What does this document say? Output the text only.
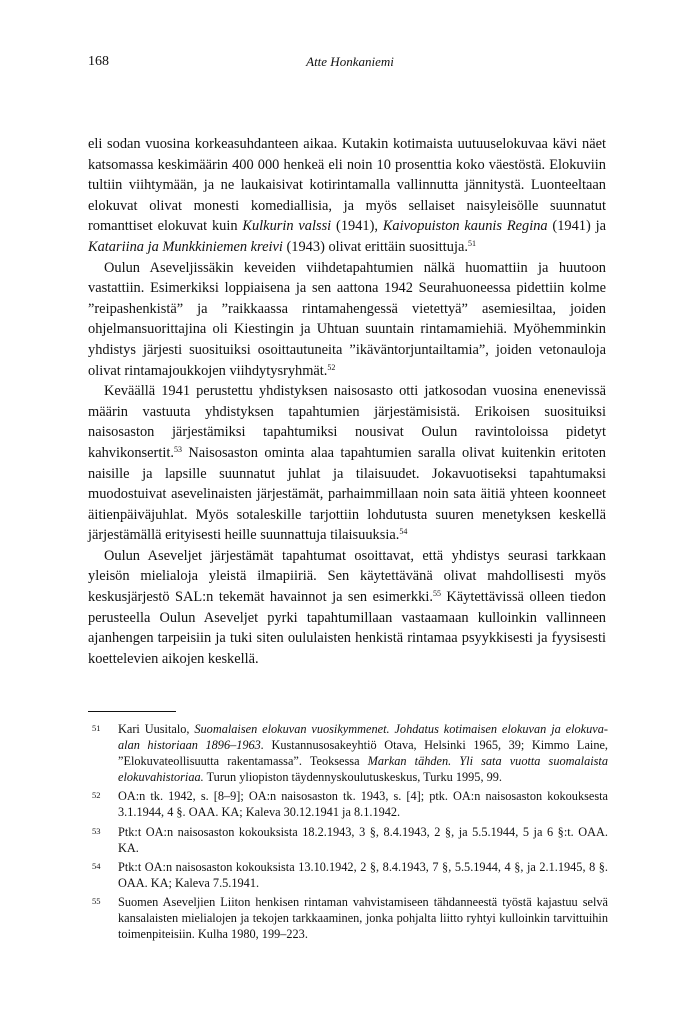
168	Atte Honkaniemi

eli sodan vuosina korkeasuhdanteen aikaa. Kutakin kotimaista uutuuselokuvaa kävi näet katsomassa keskimäärin 400 000 henkeä eli noin 10 prosenttia koko väestöstä. Elokuviin tultiin viihtymään, ja ne laukaisivat kotirintamalla vallinnutta jännitystä. Luonteeltaan elokuvat olivat monesti komediallisia, ja myös sellaiset naisyleisölle suunnatut romanttiset elokuvat kuin Kulkurin valssi (1941), Kaivopuiston kaunis Regina (1941) ja Katariina ja Munkkiniemen kreivi (1943) olivat erittäin suosittuja.$^{51}$

Oulun Aseveljissäkin keveiden viihdetapahtumien nälkä huomattiin ja huutoon vastattiin. Esimerkiksi loppiaisena ja sen aattona 1942 Seurahuoneessa pidettiin kolme ”reipashenkistä” ja ”raikkaassa rintamahengessä vietettyä” asemiesiltaa, joiden ohjelmansuorittajina oli Kiestingin ja Uhtuan suuntain rintamamiehiä. Myöhemminkin yhdistys järjesti suosituiksi osoittautuneita ”ikäväntorjuntailtamia”, joiden vetonauloja olivat rintamajoukkojen viihdytysryhmät.$^{52}$

Keväällä 1941 perustettu yhdistyksen naisosasto otti jatkosodan vuosina enenevissä määrin vastuuta yhdistyksen tapahtumien järjestämisistä. Erikoisen suosituiksi naisosaston järjestämiksi tapahtumiksi nousivat Oulun ravintoloissa pidetyt kahvikonsertit.$^{53}$ Naisosaston ominta alaa tapahtumien saralla olivat kuitenkin eritoten naisille ja lapsille suunnatut juhlat ja tilaisuudet. Jokavuotiseksi tapahtumaksi muodostuivat asevelinaisten järjestämät, parhaimmillaan noin sata äitiä yhteen koonneet äitienpäiväjuhlat. Myös sotaleskille tarjottiin lohdutusta suuren menetyksen keskellä järjestämällä erityisesti heille suunnattuja tilaisuuksia.$^{54}$

Oulun Aseveljet järjestämät tapahtumat osoittavat, että yhdistys seurasi tarkkaan yleisön mielialoja yleistä ilmapiiriä. Sen käytettävänä olivat mahdollisesti myös keskusjärjestö SAL:n tekemät havainnot ja sen esimerkki.$^{55}$ Käytettävissä olleen tiedon perusteella Oulun Aseveljet pyrki tapahtumillaan vastaamaan kulloinkin vallinneen ajanhengen tarpeisiin ja tuki siten oululaisten henkistä rintamaa psyykkisesti ja fyysisesti koettelevien aikojen keskellä.

51 Kari Uusitalo, Suomalaisen elokuvan vuosikymmenet. Johdatus kotimaisen elokuvan ja elokuva-alan historiaan 1896–1963. Kustannusosakeyhtiö Otava, Helsinki 1965, 39; Kimmo Laine, ”Elokuvateollisuutta rakentamassa”. Teoksessa Markan tähden. Yli sata vuotta suomalaista elokuvahistoriaa. Turun yliopiston täydennyskoulutuskeskus, Turku 1995, 99.
52 OA:n tk. 1942, s. [8–9]; OA:n naisosaston tk. 1943, s. [4]; ptk. OA:n naisosaston kokouksesta 3.1.1944, 4 §. OAA. KA; Kaleva 30.12.1941 ja 8.1.1942.
53 Ptk:t OA:n naisosaston kokouksista 18.2.1943, 3 §, 8.4.1943, 2 §, ja 5.5.1944, 5 ja 6 §:t. OAA. KA.
54 Ptk:t OA:n naisosaston kokouksista 13.10.1942, 2 §, 8.4.1943, 7 §, 5.5.1944, 4 §, ja 2.1.1945, 8 §. OAA. KA; Kaleva 7.5.1941.
55 Suomen Aseveljien Liiton henkisen rintaman vahvistamiseen tähdanneestä työstä kajastuu selvä kansalaisten mielialojen ja tekojen tarkkaaminen, jonka pohjalta liitto ryhtyi kulloinkin tarvittuihin toimenpiteisiin. Kulha 1980, 199–223.
